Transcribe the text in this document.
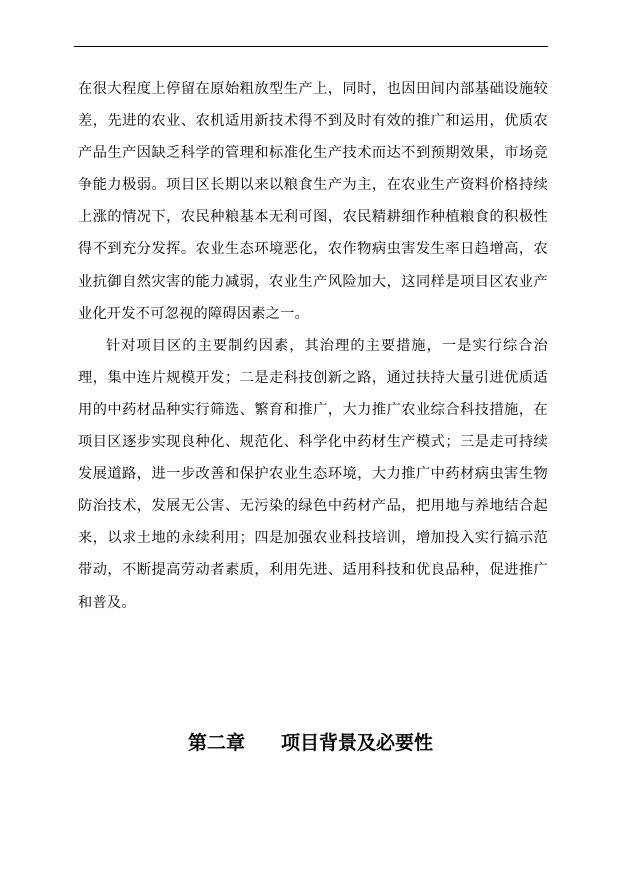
在很大程度上停留在原始粗放型生产上，同时，也因田间内部基础设施较差，先进的农业、农机适用新技术得不到及时有效的推广和运用，优质农产品生产因缺乏科学的管理和标准化生产技术而达不到预期效果，市场竞争能力极弱。项目区长期以来以粮食生产为主，在农业生产资料价格持续上涨的情况下，农民种粮基本无利可图，农民精耕细作种植粮食的积极性得不到充分发挥。农业生态环境恶化，农作物病虫害发生率日趋增高，农业抗御自然灾害的能力减弱，农业生产风险加大，这同样是项目区农业产业化开发不可忽视的障碍因素之一。

针对项目区的主要制约因素，其治理的主要措施，一是实行综合治理，集中连片规模开发；二是走科技创新之路，通过扶持大量引进优质适用的中药材品种实行筛选、繁育和推广，大力推广农业综合科技措施，在项目区逐步实现良种化、规范化、科学化中药材生产模式；三是走可持续发展道路，进一步改善和保护农业生态环境，大力推广中药材病虫害生物防治技术，发展无公害、无污染的绿色中药材产品，把用地与养地结合起来，以求土地的永续利用；四是加强农业科技培训，增加投入实行搞示范带动，不断提高劳动者素质，利用先进、适用科技和优良品种，促进推广和普及。

第二章 项目背景及必要性
